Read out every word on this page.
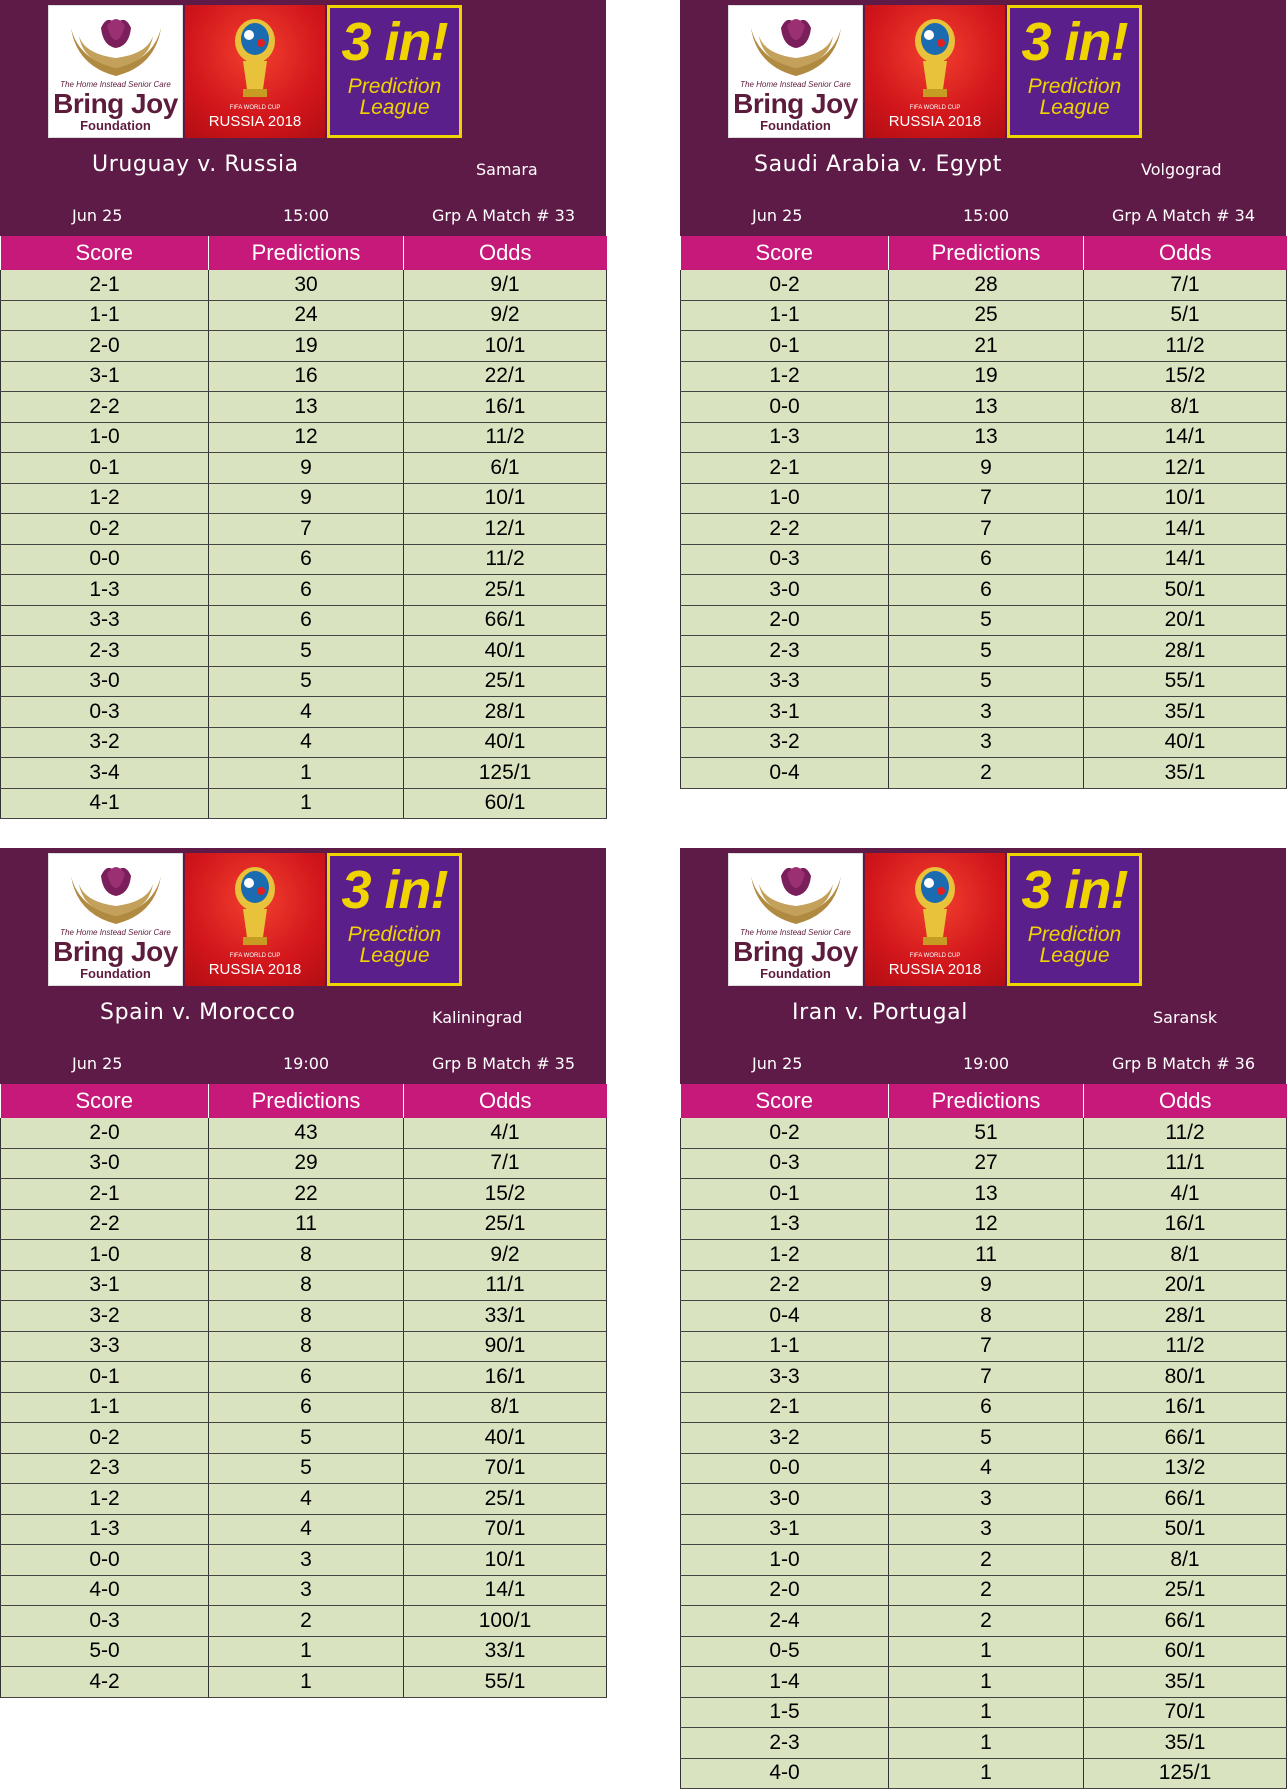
The Home Instead Senior Care
Bring Joy
Foundation
FIFA WORLD CUP
RUSSIA 2018
3 in!
Prediction
League
Uruguay v. Russia	Samara
Jun 25	15:00	Grp A Match # 33
Score	Predictions	Odds
2-1	30	9/1
1-1	24	9/2
2-0	19	10/1
3-1	16	22/1
2-2	13	16/1
1-0	12	11/2
0-1	9	6/1
1-2	9	10/1
0-2	7	12/1
0-0	6	11/2
1-3	6	25/1
3-3	6	66/1
2-3	5	40/1
3-0	5	25/1
0-3	4	28/1
3-2	4	40/1
3-4	1	125/1
4-1	1	60/1
The Home Instead Senior Care
Bring Joy
Foundation
FIFA WORLD CUP
RUSSIA 2018
3 in!
Prediction
League
Saudi Arabia v. Egypt	Volgograd
Jun 25	15:00	Grp A Match # 34
Score	Predictions	Odds
0-2	28	7/1
1-1	25	5/1
0-1	21	11/2
1-2	19	15/2
0-0	13	8/1
1-3	13	14/1
2-1	9	12/1
1-0	7	10/1
2-2	7	14/1
0-3	6	14/1
3-0	6	50/1
2-0	5	20/1
2-3	5	28/1
3-3	5	55/1
3-1	3	35/1
3-2	3	40/1
0-4	2	35/1
The Home Instead Senior Care
Bring Joy
Foundation
FIFA WORLD CUP
RUSSIA 2018
3 in!
Prediction
League
Spain v. Morocco	Kaliningrad
Jun 25	19:00	Grp B Match # 35
Score	Predictions	Odds
2-0	43	4/1
3-0	29	7/1
2-1	22	15/2
2-2	11	25/1
1-0	8	9/2
3-1	8	11/1
3-2	8	33/1
3-3	8	90/1
0-1	6	16/1
1-1	6	8/1
0-2	5	40/1
2-3	5	70/1
1-2	4	25/1
1-3	4	70/1
0-0	3	10/1
4-0	3	14/1
0-3	2	100/1
5-0	1	33/1
4-2	1	55/1
The Home Instead Senior Care
Bring Joy
Foundation
FIFA WORLD CUP
RUSSIA 2018
3 in!
Prediction
League
Iran v. Portugal	Saransk
Jun 25	19:00	Grp B Match # 36
Score	Predictions	Odds
0-2	51	11/2
0-3	27	11/1
0-1	13	4/1
1-3	12	16/1
1-2	11	8/1
2-2	9	20/1
0-4	8	28/1
1-1	7	11/2
3-3	7	80/1
2-1	6	16/1
3-2	5	66/1
0-0	4	13/2
3-0	3	66/1
3-1	3	50/1
1-0	2	8/1
2-0	2	25/1
2-4	2	66/1
0-5	1	60/1
1-4	1	35/1
1-5	1	70/1
2-3	1	35/1
4-0	1	125/1
